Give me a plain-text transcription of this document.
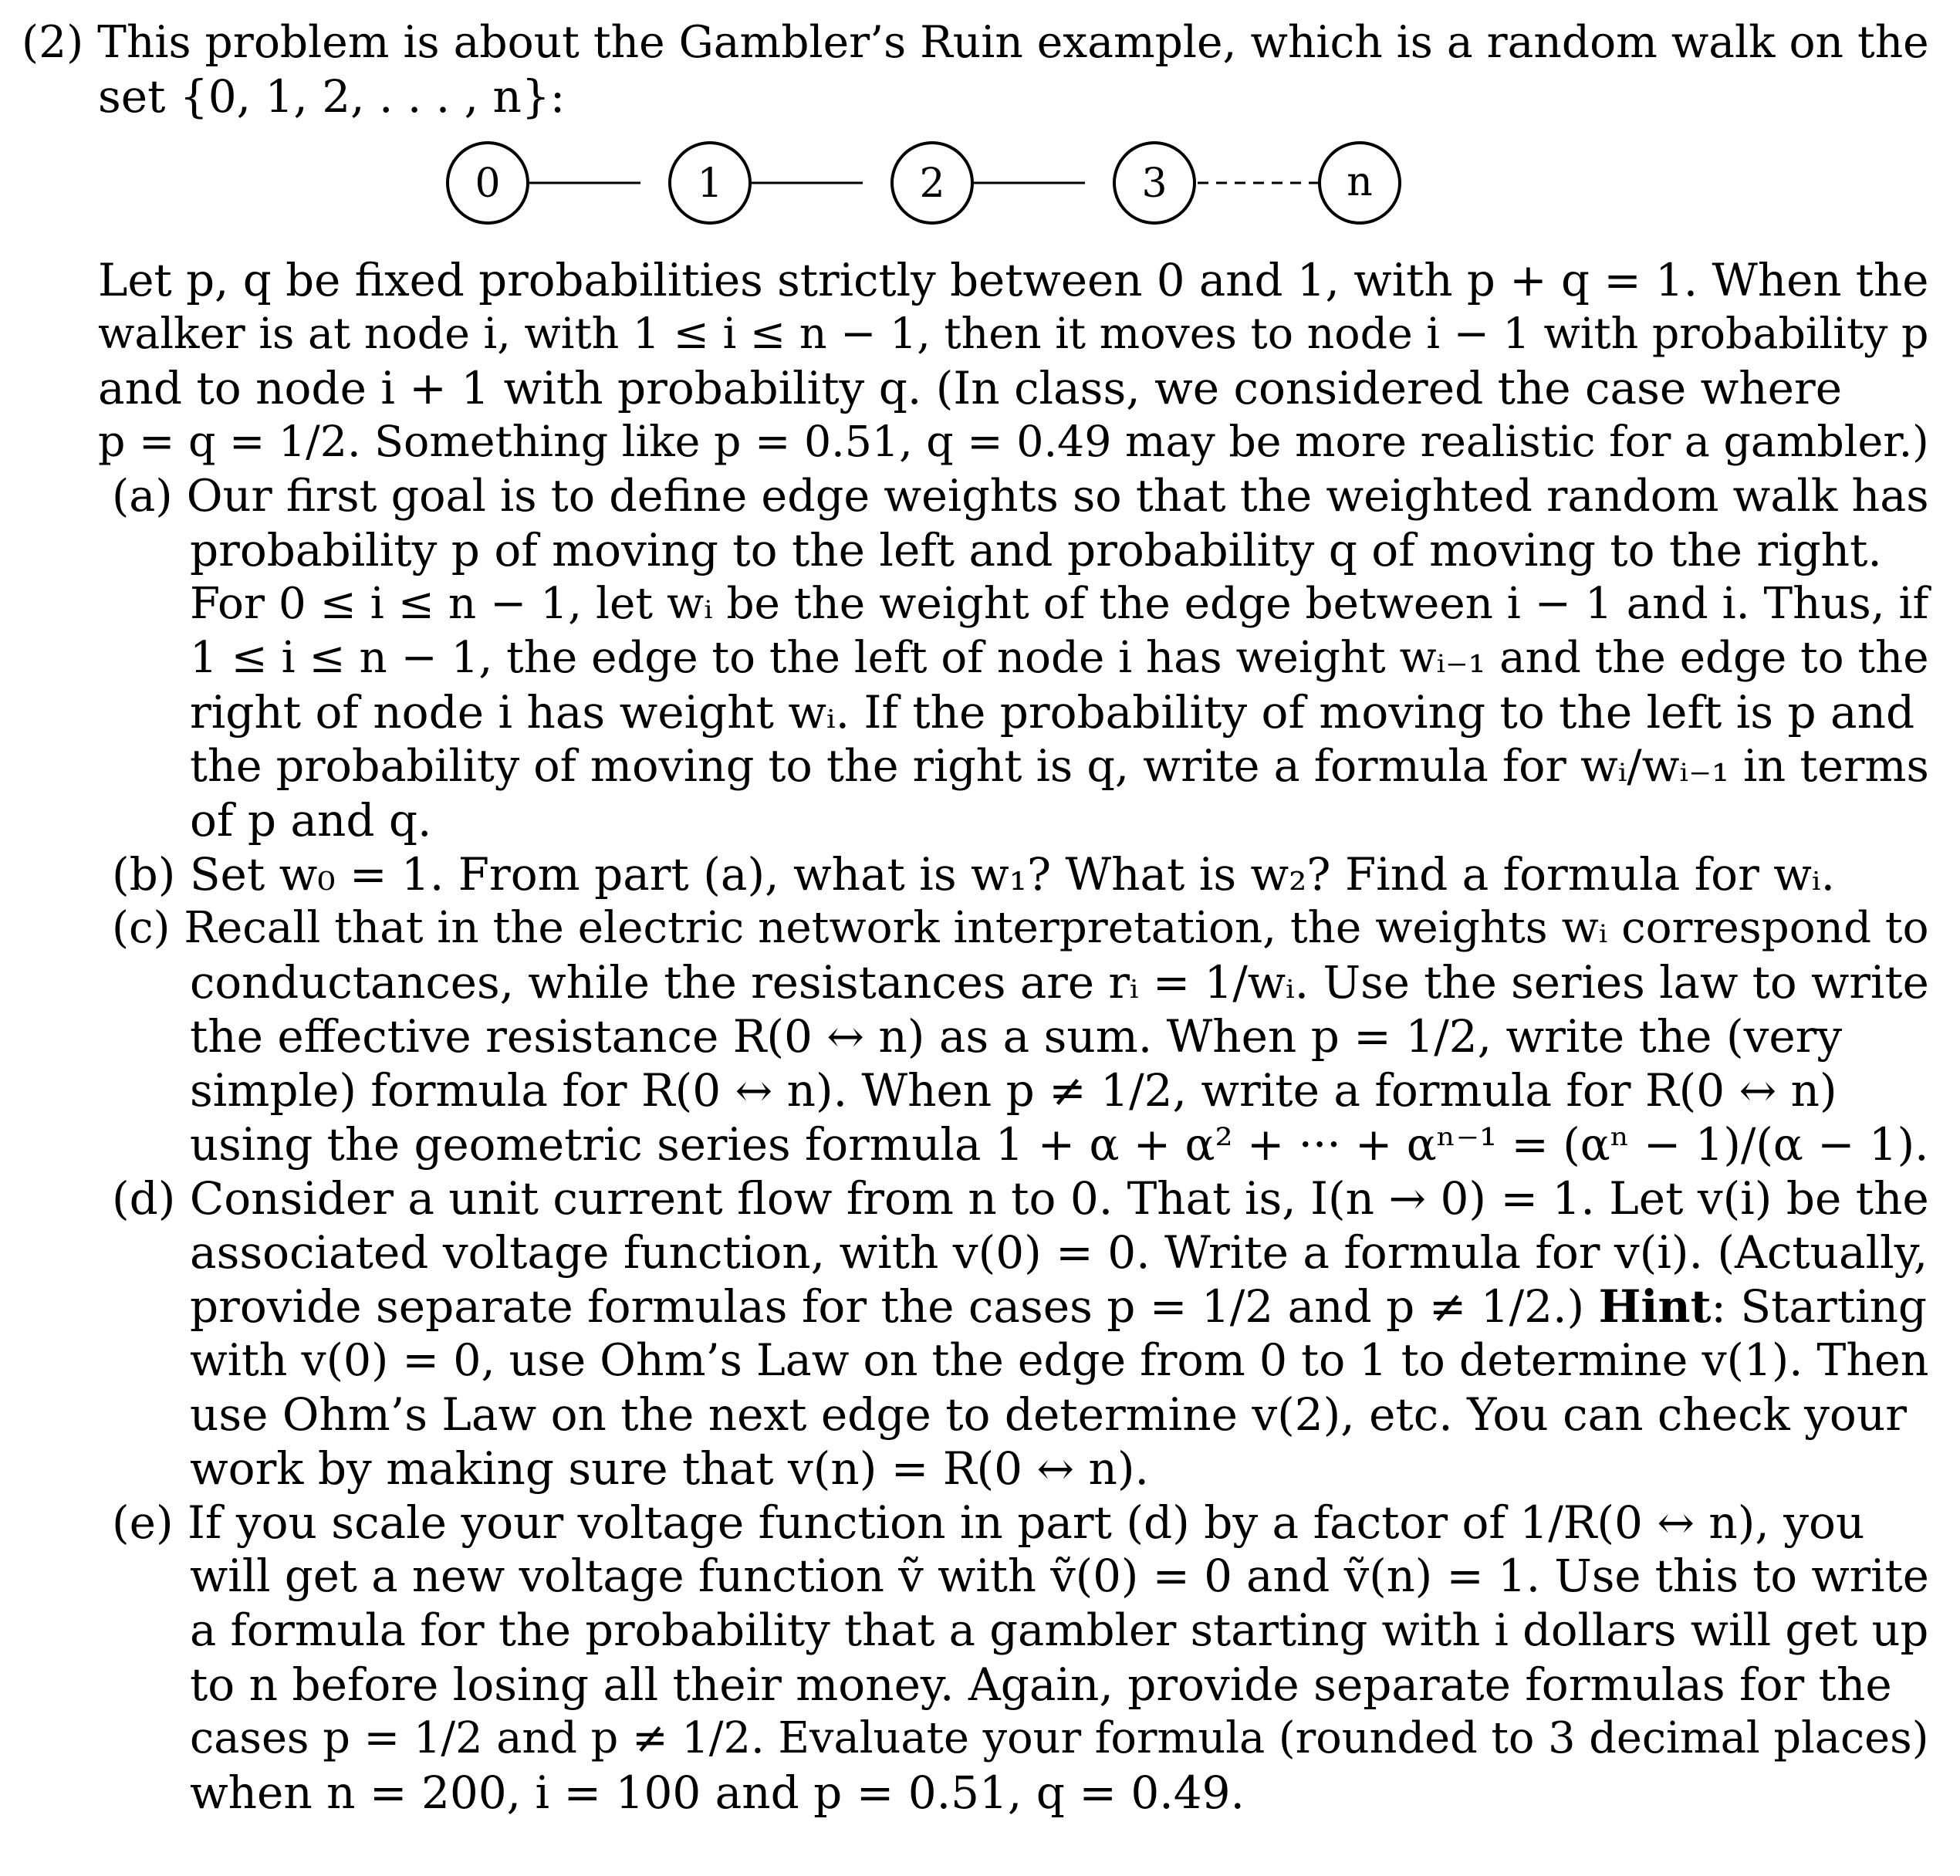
(2) This problem is about the Gambler’s Ruin example, which is a random walk on the
set {0, 1, 2, . . . , n}:
0	1	2	3	n
Let p, q be fixed probabilities strictly between 0 and 1, with p + q = 1. When the
walker is at node i, with 1 ≤ i ≤ n − 1, then it moves to node i − 1 with probability p
and to node i + 1 with probability q. (In class, we considered the case where
p = q = 1/2. Something like p = 0.51, q = 0.49 may be more realistic for a gambler.)
(a) Our first goal is to define edge weights so that the weighted random walk has
probability p of moving to the left and probability q of moving to the right.
For 0 ≤ i ≤ n − 1, let wᵢ be the weight of the edge between i − 1 and i. Thus, if
1 ≤ i ≤ n − 1, the edge to the left of node i has weight wᵢ₋₁ and the edge to the
right of node i has weight wᵢ. If the probability of moving to the left is p and
the probability of moving to the right is q, write a formula for wᵢ/wᵢ₋₁ in terms
of p and q.
(b) Set w₀ = 1. From part (a), what is w₁? What is w₂? Find a formula for wᵢ.
(c) Recall that in the electric network interpretation, the weights wᵢ correspond to
conductances, while the resistances are rᵢ = 1/wᵢ. Use the series law to write
the effective resistance R(0 ↔ n) as a sum. When p = 1/2, write the (very
simple) formula for R(0 ↔ n). When p ≠ 1/2, write a formula for R(0 ↔ n)
using the geometric series formula 1 + α + α² + ··· + αⁿ⁻¹ = (αⁿ − 1)/(α − 1).
(d) Consider a unit current flow from n to 0. That is, I(n → 0) = 1. Let v(i) be the
associated voltage function, with v(0) = 0. Write a formula for v(i). (Actually,
provide separate formulas for the cases p = 1/2 and p ≠ 1/2.) Hint: Starting
with v(0) = 0, use Ohm’s Law on the edge from 0 to 1 to determine v(1). Then
use Ohm’s Law on the next edge to determine v(2), etc. You can check your
work by making sure that v(n) = R(0 ↔ n).
(e) If you scale your voltage function in part (d) by a factor of 1/R(0 ↔ n), you
will get a new voltage function ṽ with ṽ(0) = 0 and ṽ(n) = 1. Use this to write
a formula for the probability that a gambler starting with i dollars will get up
to n before losing all their money. Again, provide separate formulas for the
cases p = 1/2 and p ≠ 1/2. Evaluate your formula (rounded to 3 decimal places)
when n = 200, i = 100 and p = 0.51, q = 0.49.
